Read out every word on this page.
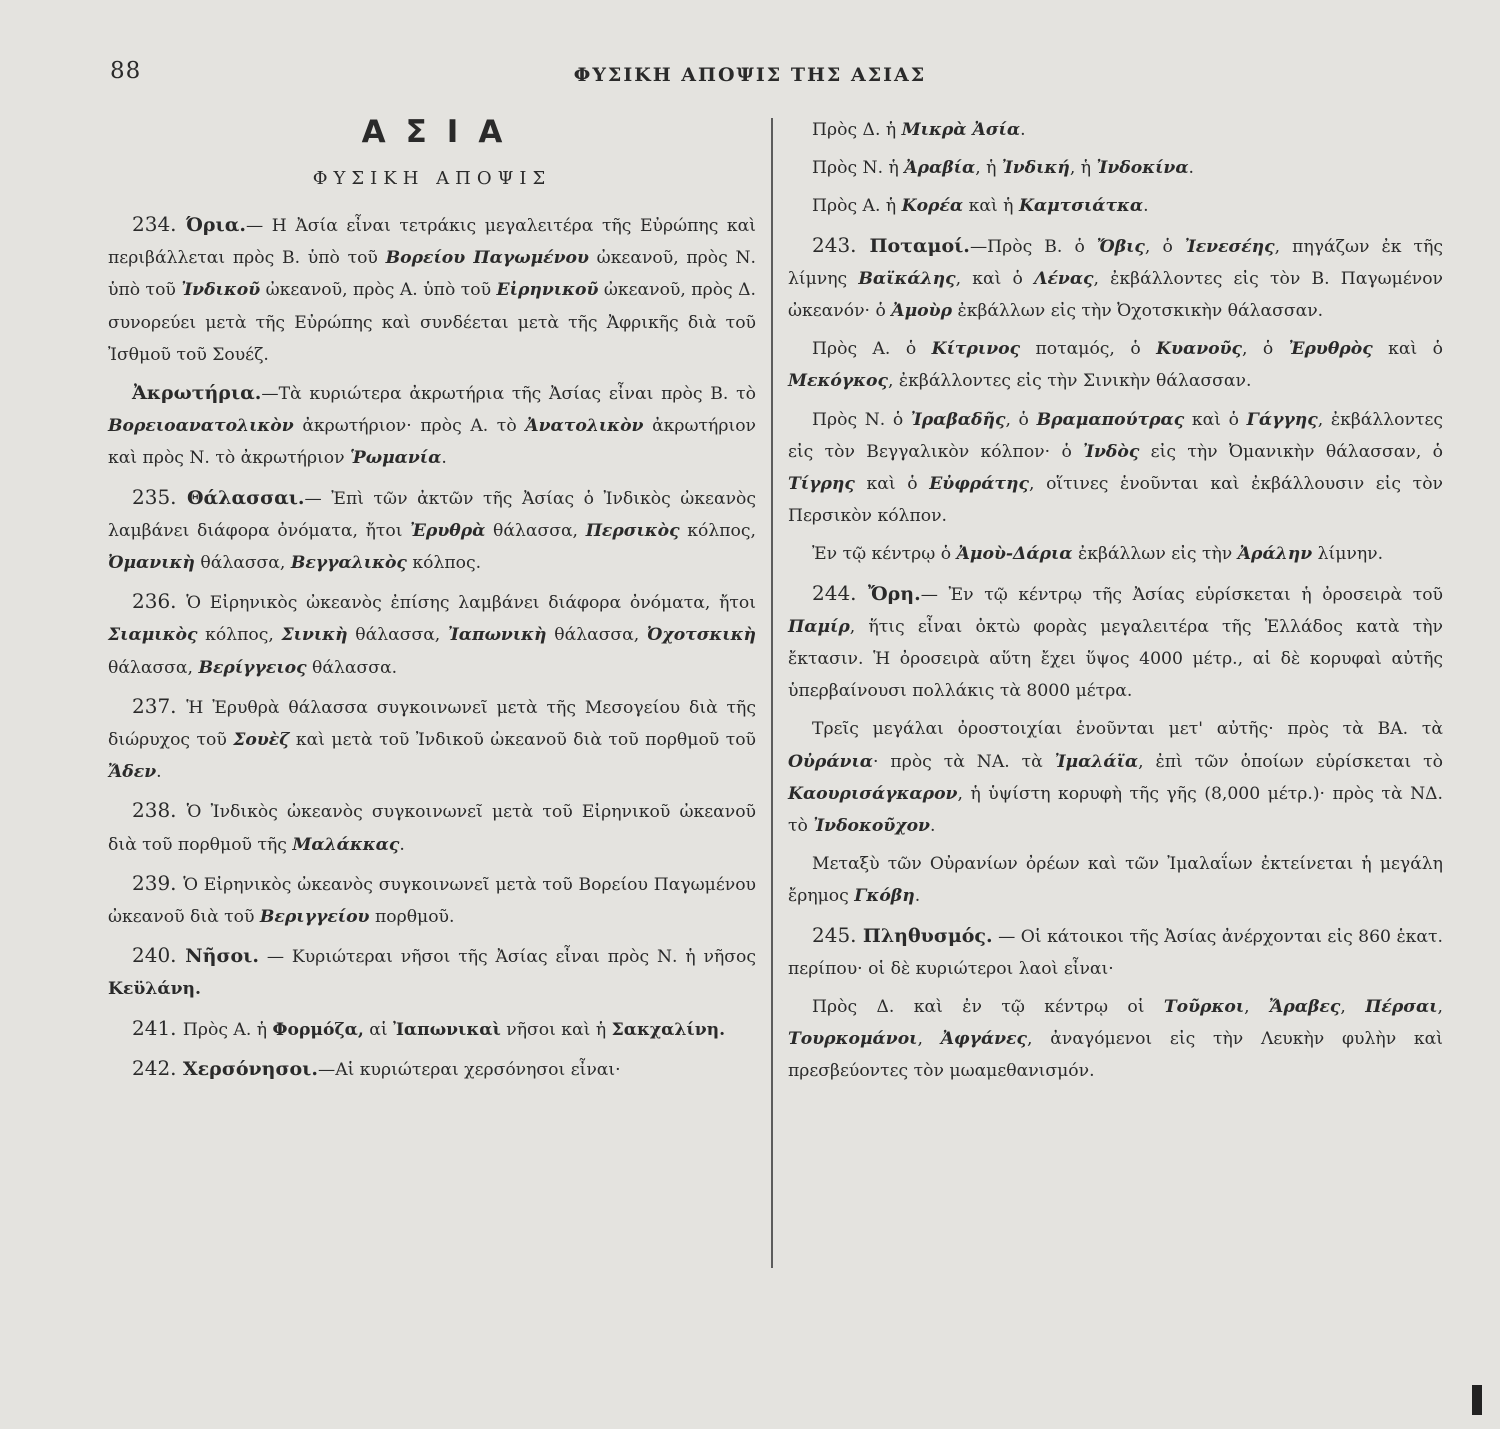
88	ΦΥΣΙΚΗ ΑΠΟΨΙΣ ΤΗΣ ΑΣΙΑΣ
ΑΣΙΑ
ΦΥΣΙΚΗ ΑΠΟΨΙΣ

234. Όρια.— Η Ἀσία εἶναι τετράκις μεγαλειτέρα τῆς Εὐρώπης καὶ περιβάλλεται πρὸς Β. ὑπὸ τοῦ Βορείου Παγωμένου ὠκεανοῦ, πρὸς Ν. ὑπὸ τοῦ Ἰνδικοῦ ὠκεανοῦ, πρὸς Α. ὑπὸ τοῦ Εἰρηνικοῦ ὠκεανοῦ, πρὸς Δ. συνορεύει μετὰ τῆς Εὐρώπης καὶ συνδέεται μετὰ τῆς Ἀφρικῆς διὰ τοῦ Ἰσθμοῦ τοῦ Σουέζ.

Ἀκρωτήρια.—Τὰ κυριώτερα ἀκρωτήρια τῆς Ἀσίας εἶναι πρὸς Β. τὸ Βορειοανατολικὸν ἀκρωτήριον· πρὸς Α. τὸ Ἀνατολικὸν ἀκρωτήριον καὶ πρὸς Ν. τὸ ἀκρωτήριον Ῥωμανία.

235. Θάλασσαι.— Ἐπὶ τῶν ἀκτῶν τῆς Ἀσίας ὁ Ἰνδικὸς ὠκεανὸς λαμβάνει διάφορα ὀνόματα, ἤτοι Ἐρυθρὰ θάλασσα, Περσικὸς κόλπος, Ὀμανικὴ θάλασσα, Βεγγαλικὸς κόλπος.

236. Ὁ Εἰρηνικὸς ὠκεανὸς ἐπίσης λαμβάνει διάφορα ὀνόματα, ἤτοι Σιαμικὸς κόλπος, Σινικὴ θάλασσα, Ἰαπωνικὴ θάλασσα, Ὀχοτσκικὴ θάλασσα, Βερίγγειος θάλασσα.

237. Ἡ Ἐρυθρὰ θάλασσα συγκοινωνεῖ μετὰ τῆς Μεσογείου διὰ τῆς διώρυχος τοῦ Σουὲζ καὶ μετὰ τοῦ Ἰνδικοῦ ὠκεανοῦ διὰ τοῦ πορθμοῦ τοῦ Ἄδεν.

238. Ὁ Ἰνδικὸς ὠκεανὸς συγκοινωνεῖ μετὰ τοῦ Εἰρηνικοῦ ὠκεανοῦ διὰ τοῦ πορθμοῦ τῆς Μαλάκκας.

239. Ὁ Εἰρηνικὸς ὠκεανὸς συγκοινωνεῖ μετὰ τοῦ Βορείου Παγωμένου ὠκεανοῦ διὰ τοῦ Βεριγγείου πορθμοῦ.

240. Νῆσοι. — Κυριώτεραι νῆσοι τῆς Ἀσίας εἶναι πρὸς Ν. ἡ νῆσος Κεϋλάνη.

241. Πρὸς Α. ἡ Φορμόζα, αἱ Ἰαπωνικαὶ νῆσοι καὶ ἡ Σακχαλίνη.

242. Χερσόνησοι.—Αἱ κυριώτεραι χερσόνησοι εἶναι·

Πρὸς Δ. ἡ Μικρὰ Ἀσία.

Πρὸς Ν. ἡ Ἀραβία, ἡ Ἰνδική, ἡ Ἰνδοκίνα.

Πρὸς Α. ἡ Κορέα καὶ ἡ Καμτσιάτκα.

243. Ποταμοί.—Πρὸς Β. ὁ Ὄβις, ὁ Ἰενεσέης, πηγάζων ἐκ τῆς λίμνης Βαϊκάλης, καὶ ὁ Λένας, ἐκβάλλοντες εἰς τὸν Β. Παγωμένον ὠκεανόν· ὁ Ἀμοὺρ ἐκβάλλων εἰς τὴν Ὀχοτσκικὴν θάλασσαν.

Πρὸς Α. ὁ Κίτρινος ποταμός, ὁ Κυανοῦς, ὁ Ἐρυθρὸς καὶ ὁ Μεκόγκος, ἐκβάλλοντες εἰς τὴν Σινικὴν θάλασσαν.

Πρὸς Ν. ὁ Ἰραβαδῆς, ὁ Βραμαπούτρας καὶ ὁ Γάγγης, ἐκβάλλοντες εἰς τὸν Βεγγαλικὸν κόλπον· ὁ Ἰνδὸς εἰς τὴν Ὀμανικὴν θάλασσαν, ὁ Τίγρης καὶ ὁ Εὐφράτης, οἵτινες ἑνοῦνται καὶ ἐκβάλλουσιν εἰς τὸν Περσικὸν κόλπον.

Ἐν τῷ κέντρῳ ὁ Ἀμοὺ-Δάρια ἐκβάλλων εἰς τὴν Ἀράλην λίμνην.

244. Ὄρη.— Ἐν τῷ κέντρῳ τῆς Ἀσίας εὑρίσκεται ἡ ὀροσειρὰ τοῦ Παμίρ, ἥτις εἶναι ὀκτὼ φορὰς μεγαλειτέρα τῆς Ἑλλάδος κατὰ τὴν ἔκτασιν. Ἡ ὀροσειρὰ αὕτη ἔχει ὕψος 4000 μέτρ., αἱ δὲ κορυφαὶ αὐτῆς ὑπερβαίνουσι πολλάκις τὰ 8000 μέτρα.

Τρεῖς μεγάλαι ὀροστοιχίαι ἑνοῦνται μετ' αὐτῆς· πρὸς τὰ ΒΑ. τὰ Οὐράνια· πρὸς τὰ ΝΑ. τὰ Ἰμαλάϊα, ἐπὶ τῶν ὁποίων εὑρίσκεται τὸ Καουρισάγκαρον, ἡ ὑψίστη κορυφὴ τῆς γῆς (8,000 μέτρ.)· πρὸς τὰ ΝΔ. τὸ Ἰνδοκοῦχον.

Μεταξὺ τῶν Οὐρανίων ὀρέων καὶ τῶν Ἰμαλαΐων ἐκτείνεται ἡ μεγάλη ἔρημος Γκόβη.

245. Πληθυσμός. — Οἱ κάτοικοι τῆς Ἀσίας ἀνέρχονται εἰς 860 ἑκατ. περίπου· οἱ δὲ κυριώτεροι λαοὶ εἶναι·

Πρὸς Δ. καὶ ἐν τῷ κέντρῳ οἱ Τοῦρκοι, Ἄραβες, Πέρσαι, Τουρκομάνοι, Ἀφγάνες, ἀναγόμενοι εἰς τὴν Λευκὴν φυλὴν καὶ πρεσβεύοντες τὸν μωαμεθανισμόν.
